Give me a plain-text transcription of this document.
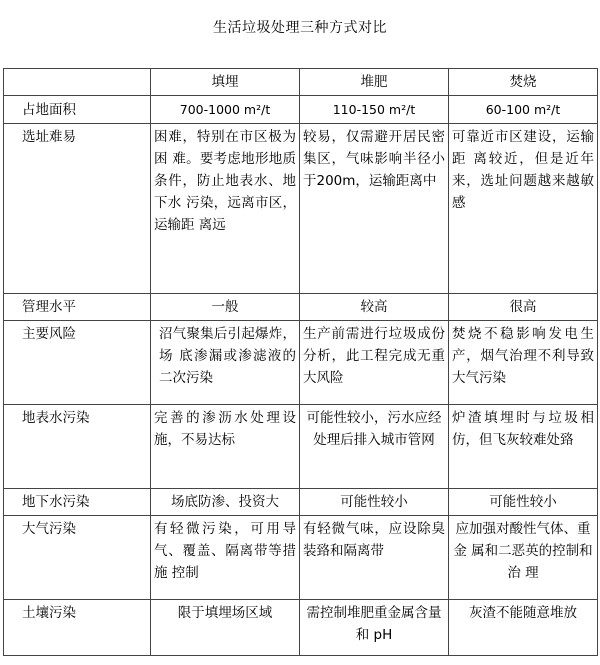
生活垃圾处理三种方式对比
	填埋	堆肥	焚烧
占地面积	700-1000 m²/t	110-150 m²/t	60-100 m²/t
选址难易	困难，特别在市区极为困 难。要考虑地形地质条件，防止地表水、地下水 污染，远离市区，运输距 离远	较易，仅需避开居民密集区，气味影响半径小于200m，运输距离中	可靠近市区建设，运输距 离较近，但是近年来，选址问题越来越敏感
管理水平	一般	较高	很高
主要风险	沼气聚集后引起爆炸，场 底渗漏或渗滤液的二次污染	生产前需进行垃圾成份分析，此工程完成无重大风险	焚烧不稳影响发电生产，烟气治理不利导致大气污染
地表水污染	完善的渗沥水处理设施，不易达标	可能性较小，污水应经处理后排入城市管网	炉渣填埋时与垃圾相仿，但飞灰较难处臵
地下水污染	场底防渗、投资大	可能性较小	可能性较小
大气污染	有轻微污染，可用导气、覆盖、隔离带等措施 控制	有轻微气味，应设除臭装臵和隔离带	应加强对酸性气体、重金 属和二恶英的控制和治 理
土壤污染	限于填埋场区域	需控制堆肥重金属含量 和 pH	灰渣不能随意堆放
